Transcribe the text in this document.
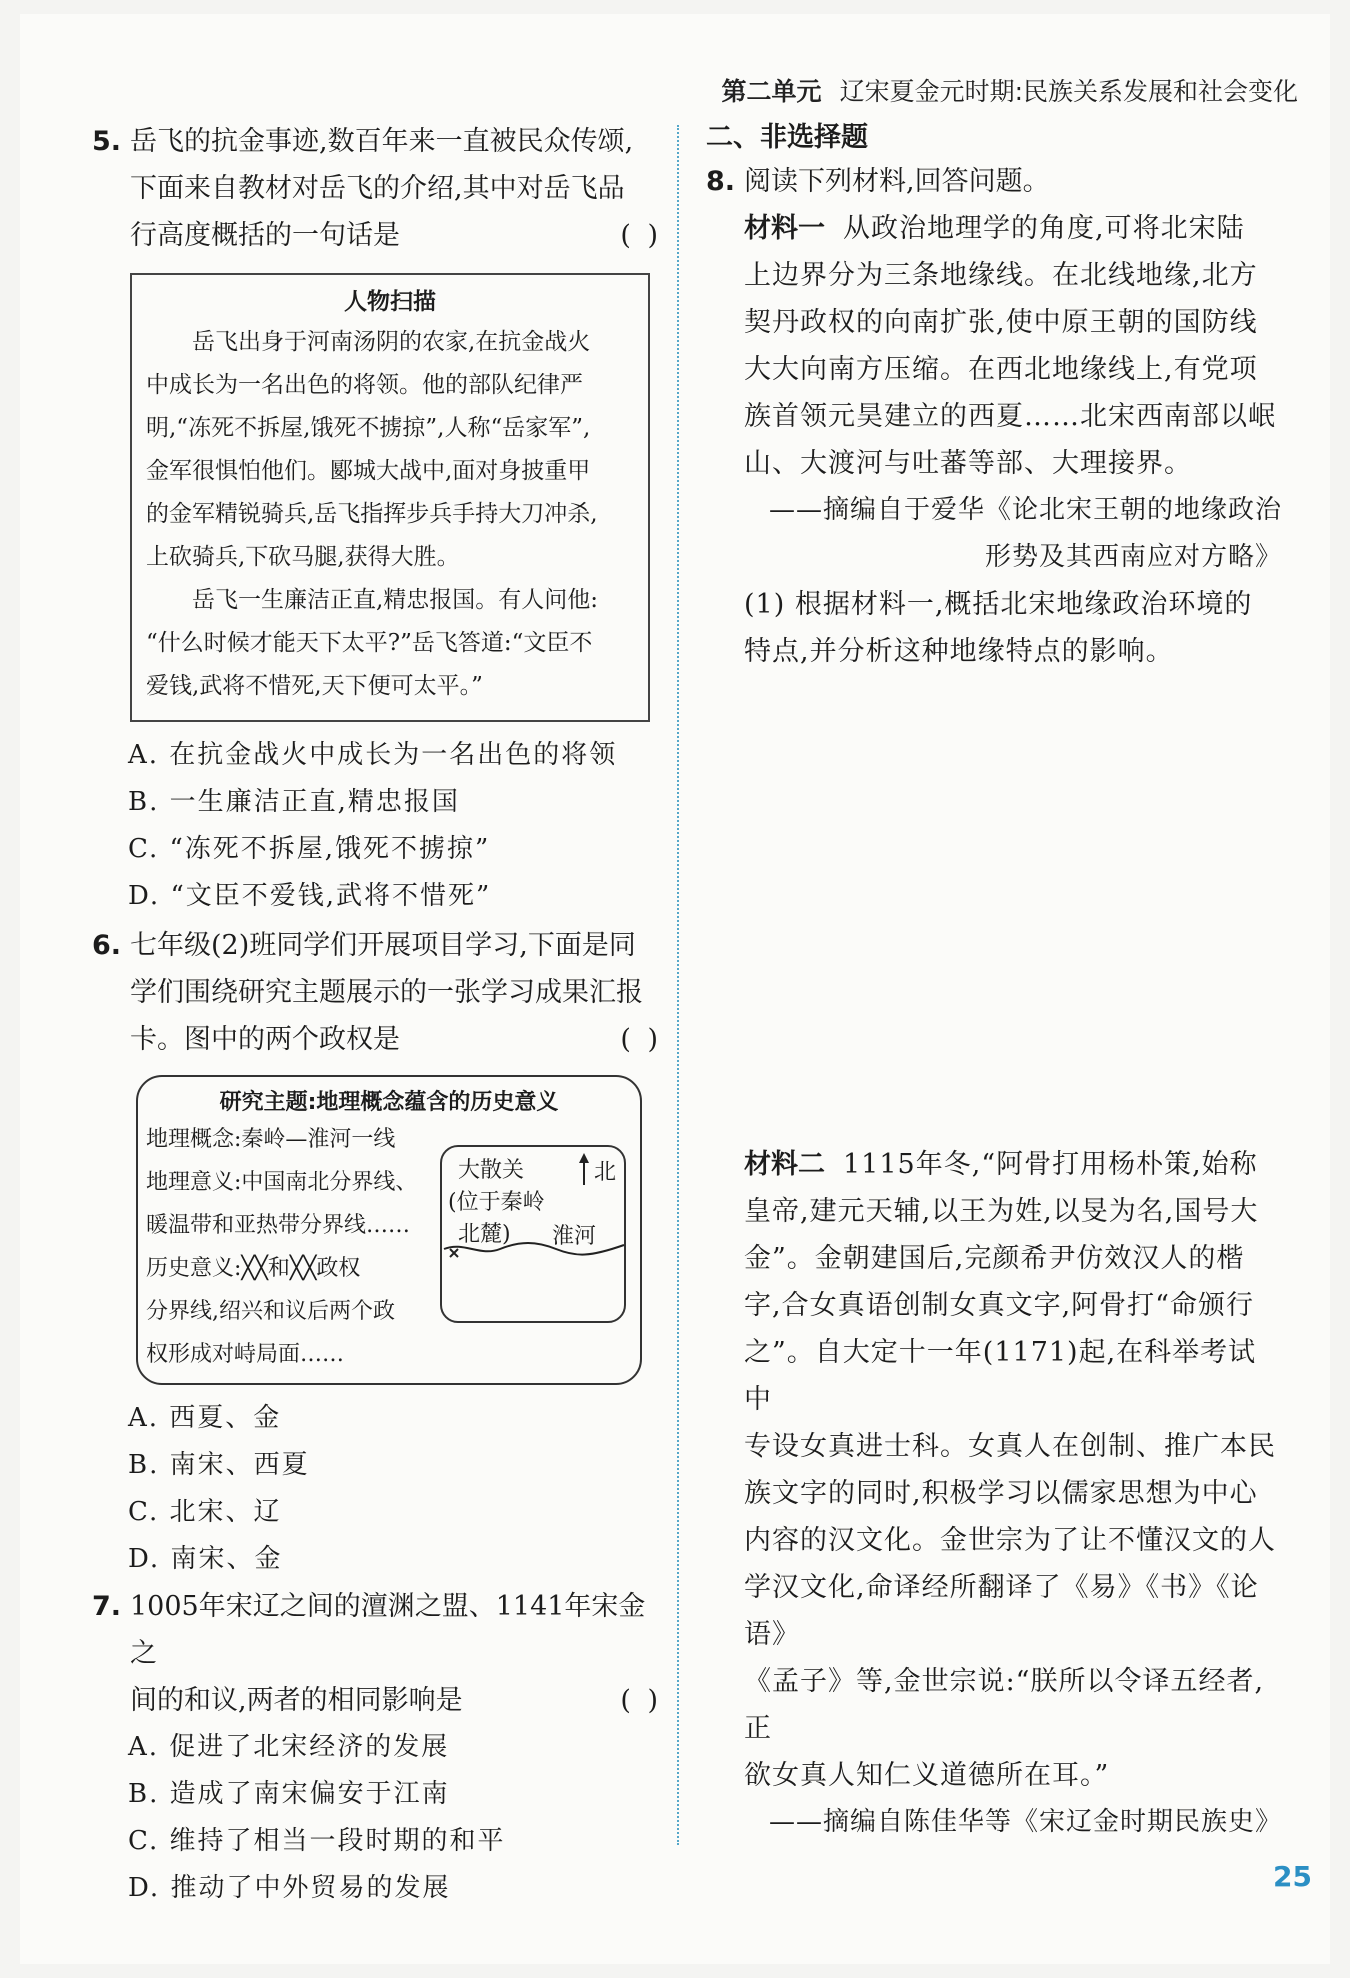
第二单元 辽宋夏金元时期:民族关系发展和社会变化
5. 岳飞的抗金事迹,数百年来一直被民众传颂,
下面来自教材对岳飞的介绍,其中对岳飞品
行高度概括的一句话是	( )
人物扫描

岳飞出身于河南汤阴的农家,在抗金战火

中成长为一名出色的将领。他的部队纪律严

明,“冻死不拆屋,饿死不掳掠”,人称“岳家军”,

金军很惧怕他们。郾城大战中,面对身披重甲

的金军精锐骑兵,岳飞指挥步兵手持大刀冲杀,

上砍骑兵,下砍马腿,获得大胜。

岳飞一生廉洁正直,精忠报国。有人问他:

“什么时候才能天下太平?”岳飞答道:“文臣不

爱钱,武将不惜死,天下便可太平。”

A. 在抗金战火中成长为一名出色的将领
B. 一生廉洁正直,精忠报国
C. “冻死不拆屋,饿死不掳掠”
D. “文臣不爱钱,武将不惜死”
6. 七年级(2)班同学们开展项目学习,下面是同
学们围绕研究主题展示的一张学习成果汇报
卡。图中的两个政权是	( )
研究主题:地理概念蕴含的历史意义
地理概念:秦岭—淮河一线
地理意义:中国南北分界线、
暖温带和亚热带分界线……
历史意义:╳╳和╳╳政权
分界线,绍兴和议后两个政
权形成对峙局面……
大散关
(位于秦岭
北麓) 淮河
北
A. 西夏、金
B. 南宋、西夏
C. 北宋、辽
D. 南宋、金
7. 1005年宋辽之间的澶渊之盟、1141年宋金之
间的和议,两者的相同影响是	( )
A. 促进了北宋经济的发展
B. 造成了南宋偏安于江南
C. 维持了相当一段时期的和平
D. 推动了中外贸易的发展
二、非选择题
8. 阅读下列材料,回答问题。
材料一 从政治地理学的角度,可将北宋陆
上边界分为三条地缘线。在北线地缘,北方
契丹政权的向南扩张,使中原王朝的国防线
大大向南方压缩。在西北地缘线上,有党项
族首领元昊建立的西夏……北宋西南部以岷
山、大渡河与吐蕃等部、大理接界。
——摘编自于爱华《论北宋王朝的地缘政治
形势及其西南应对方略》
(1) 根据材料一,概括北宋地缘政治环境的
特点,并分析这种地缘特点的影响。
材料二 1115年冬,“阿骨打用杨朴策,始称
皇帝,建元天辅,以王为姓,以旻为名,国号大
金”。金朝建国后,完颜希尹仿效汉人的楷
字,合女真语创制女真文字,阿骨打“命颁行
之”。自大定十一年(1171)起,在科举考试中
专设女真进士科。女真人在创制、推广本民
族文字的同时,积极学习以儒家思想为中心
内容的汉文化。金世宗为了让不懂汉文的人
学汉文化,命译经所翻译了《易》《书》《论语》
《孟子》等,金世宗说:“朕所以令译五经者,正
欲女真人知仁义道德所在耳。”
——摘编自陈佳华等《宋辽金时期民族史》
25
